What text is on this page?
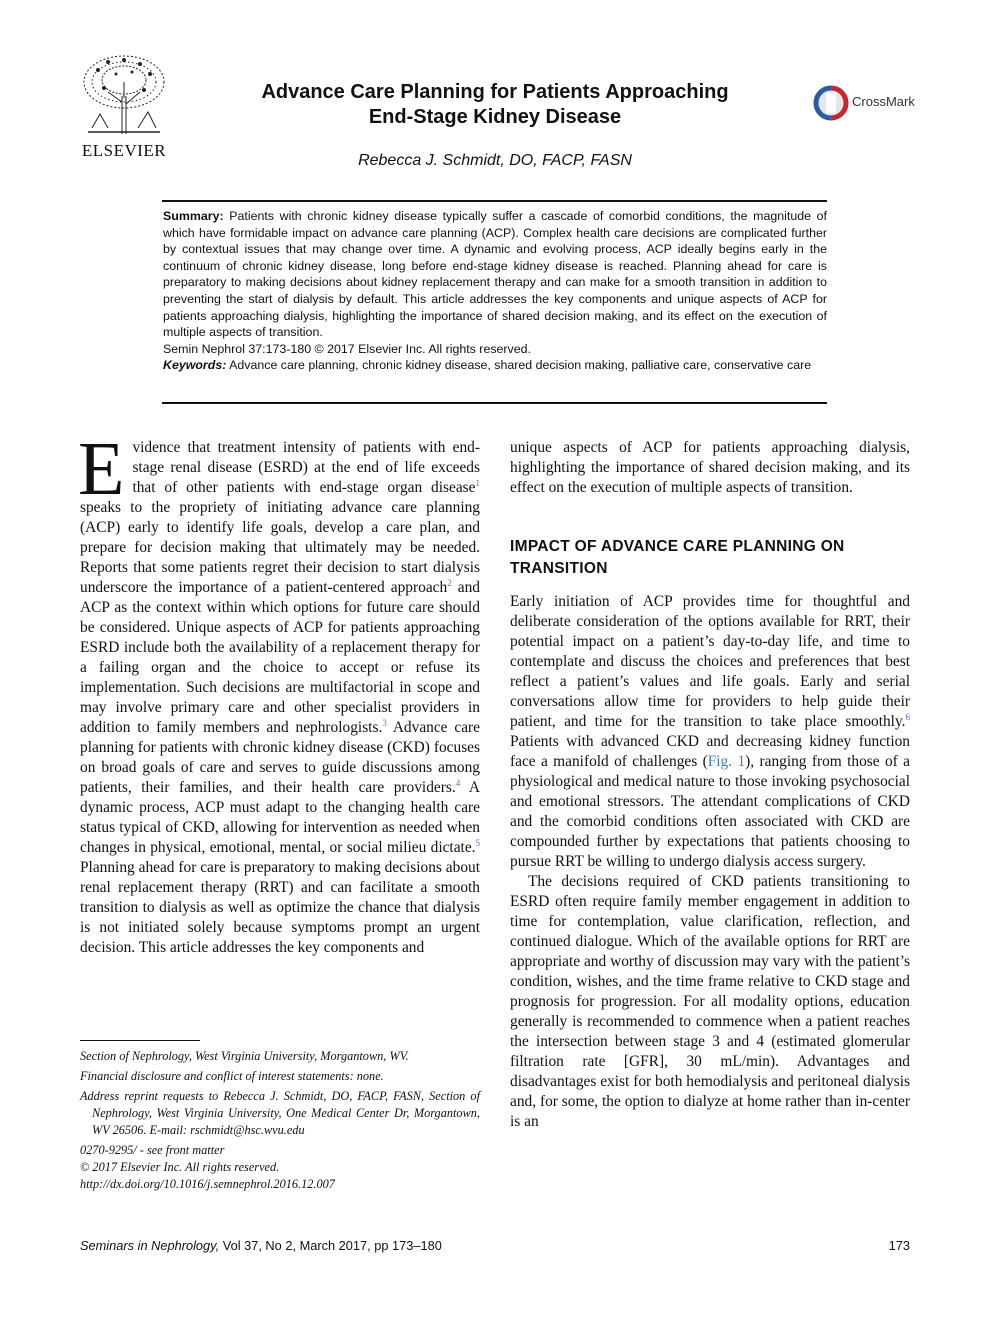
ELSEVIER
Advance Care Planning for Patients Approaching
End-Stage Kidney Disease
CrossMark
Rebecca J. Schmidt, DO, FACP, FASN

Summary: Patients with chronic kidney disease typically suffer a cascade of comorbid conditions, the magnitude of which have formidable impact on advance care planning (ACP). Complex health care decisions are complicated further by contextual issues that may change over time. A dynamic and evolving process, ACP ideally begins early in the continuum of chronic kidney disease, long before end-stage kidney disease is reached. Planning ahead for care is preparatory to making decisions about kidney replacement therapy and can make for a smooth transition in addition to preventing the start of dialysis by default. This article addresses the key components and unique aspects of ACP for patients approaching dialysis, highlighting the importance of shared decision making, and its effect on the execution of multiple aspects of transition.

Semin Nephrol 37:173-180 © 2017 Elsevier Inc. All rights reserved.

Keywords: Advance care planning, chronic kidney disease, shared decision making, palliative care, conservative care

Evidence that treatment intensity of patients with end-stage renal disease (ESRD) at the end of life exceeds that of other patients with end-stage organ disease$^1$ speaks to the propriety of initiating advance care planning (ACP) early to identify life goals, develop a care plan, and prepare for decision making that ultimately may be needed. Reports that some patients regret their decision to start dialysis underscore the importance of a patient-centered approach$^2$ and ACP as the context within which options for future care should be considered. Unique aspects of ACP for patients approaching ESRD include both the availability of a replacement therapy for a failing organ and the choice to accept or refuse its implementation. Such decisions are multifactorial in scope and may involve primary care and other specialist providers in addition to family members and nephrologists.$^3$ Advance care planning for patients with chronic kidney disease (CKD) focuses on broad goals of care and serves to guide discussions among patients, their families, and their health care providers.$^4$ A dynamic process, ACP must adapt to the changing health care status typical of CKD, allowing for intervention as needed when changes in physical, emotional, mental, or social milieu dictate.$^5$ Planning ahead for care is preparatory to making decisions about renal replacement therapy (RRT) and can facilitate a smooth transition to dialysis as well as optimize the chance that dialysis is not initiated solely because symptoms prompt an urgent decision. This article addresses the key components and

unique aspects of ACP for patients approaching dialysis, highlighting the importance of shared decision making, and its effect on the execution of multiple aspects of transition.

IMPACT OF ADVANCE CARE PLANNING ON TRANSITION

Early initiation of ACP provides time for thoughtful and deliberate consideration of the options available for RRT, their potential impact on a patient’s day-to-day life, and time to contemplate and discuss the choices and preferences that best reflect a patient’s values and life goals. Early and serial conversations allow time for providers to help guide their patient, and time for the transition to take place smoothly.$^6$ Patients with advanced CKD and decreasing kidney function face a manifold of challenges (Fig. 1), ranging from those of a physiological and medical nature to those invoking psychosocial and emotional stressors. The attendant complications of CKD and the comorbid conditions often associated with CKD are compounded further by expectations that patients choosing to pursue RRT be willing to undergo dialysis access surgery.

The decisions required of CKD patients transitioning to ESRD often require family member engagement in addition to time for contemplation, value clarification, reflection, and continued dialogue. Which of the available options for RRT are appropriate and worthy of discussion may vary with the patient’s condition, wishes, and the time frame relative to CKD stage and prognosis for progression. For all modality options, education generally is recommended to commence when a patient reaches the intersection between stage 3 and 4 (estimated glomerular filtration rate [GFR], 30 mL/min). Advantages and disadvantages exist for both hemodialysis and peritoneal dialysis and, for some, the option to dialyze at home rather than in-center is an

Section of Nephrology, West Virginia University, Morgantown, WV.

Financial disclosure and conflict of interest statements: none.

Address reprint requests to Rebecca J. Schmidt, DO, FACP, FASN, Section of Nephrology, West Virginia University, One Medical Center Dr, Morgantown, WV 26506. E-mail: rschmidt@hsc.wvu.edu

0270-9295/ - see front matter

© 2017 Elsevier Inc. All rights reserved.

http://dx.doi.org/10.1016/j.semnephrol.2016.12.007

Seminars in Nephrology, Vol 37, No 2, March 2017, pp 173–180	173
